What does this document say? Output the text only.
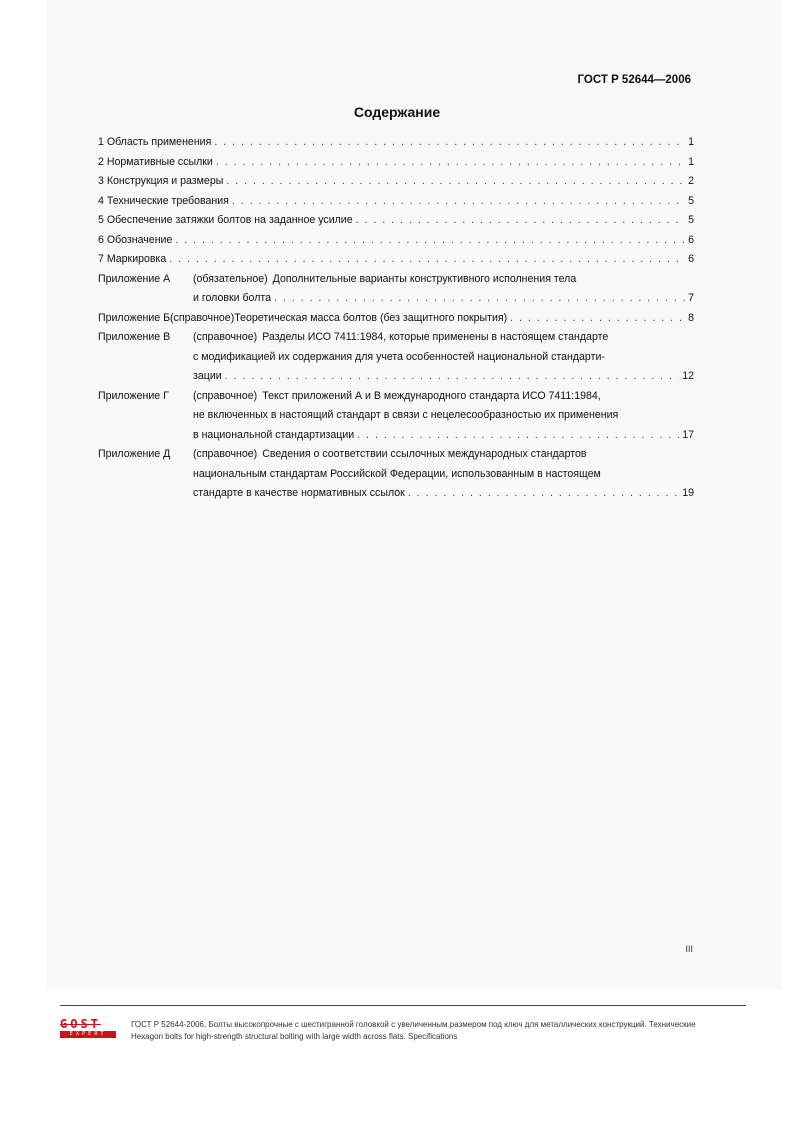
ГОСТ Р 52644—2006
Содержание
1 Область применения . . .	1
2 Нормативные ссылки . . .	1
3 Конструкция и размеры . . .	2
4 Технические требования . . .	5
5 Обеспечение затяжки болтов на заданное усилие . . .	5
6 Обозначение . . .	6
7 Маркировка . . .	6
Приложение А	(обязательное) Дополнительные варианты конструктивного исполнения тела
и головки болта . . .	7
Приложение Б (справочное) Теоретическая масса болтов (без защитного покрытия) . . .	8
Приложение В	(справочное) Разделы ИСО 7411:1984, которые применены в настоящем стандарте
с модификацией их содержания для учета особенностей национальной стандарти-
зации . . .	12
Приложение Г	(справочное) Текст приложений А и В международного стандарта ИСО 7411:1984,
не включенных в настоящий стандарт в связи с нецелесообразностью их применения
в национальной стандартизации . . .	17
Приложение Д	(справочное) Сведения о соответствии ссылочных международных стандартов
национальным стандартам Российской Федерации, использованным в настоящем
стандарте в качестве нормативных ссылок . . .	19
III
GOST
EXPERT
ГОСТ Р 52644-2006, Болты высокопрочные с шестигранной головкой с увеличенным размером под ключ для металлических конструкций. Технические
Hexagon bolts for high-strength structural bolting with large width across flats. Specifications
